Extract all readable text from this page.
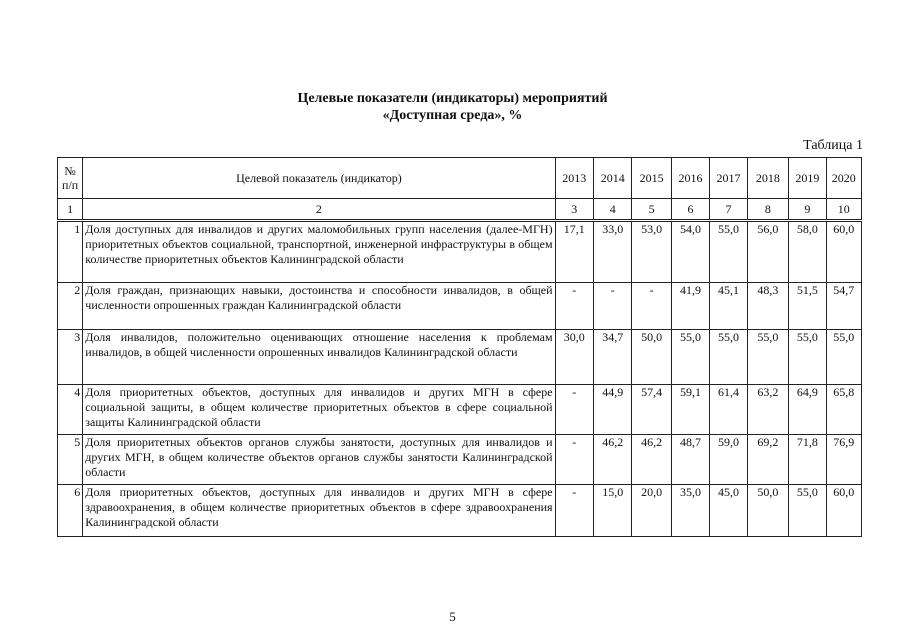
Целевые показатели (индикаторы) мероприятий
«Доступная среда», %
Таблица 1
№ п/п	Целевой показатель (индикатор)	2013	2014	2015	2016	2017	2018	2019	2020
1	2	3	4	5	6	7	8	9	10
1	Доля доступных для инвалидов и других маломобильных групп населения (далее-МГН) приоритетных объектов социальной, транспортной, инженерной инфраструктуры в общем количестве приоритетных объектов Калининградской области	17,1	33,0	53,0	54,0	55,0	56,0	58,0	60,0
2	Доля граждан, признающих навыки, достоинства и способности инвалидов, в общей численности опрошенных граждан Калининградской области	-	-	-	41,9	45,1	48,3	51,5	54,7
3	Доля инвалидов, положительно оценивающих отношение населения к проблемам инвалидов, в общей численности опрошенных инвалидов Калининградской области	30,0	34,7	50,0	55,0	55,0	55,0	55,0	55,0
4	Доля приоритетных объектов, доступных для инвалидов и других МГН в сфере социальной защиты, в общем количестве приоритетных объектов в сфере социальной защиты Калининградской области	-	44,9	57,4	59,1	61,4	63,2	64,9	65,8
5	Доля приоритетных объектов органов службы занятости, доступных для инвалидов и других МГН, в общем количестве объектов органов службы занятости Калининградской области	-	46,2	46,2	48,7	59,0	69,2	71,8	76,9
6	Доля приоритетных объектов, доступных для инвалидов и других МГН в сфере здравоохранения, в общем количестве приоритетных объектов в сфере здравоохранения Калининградской области	-	15,0	20,0	35,0	45,0	50,0	55,0	60,0
5
